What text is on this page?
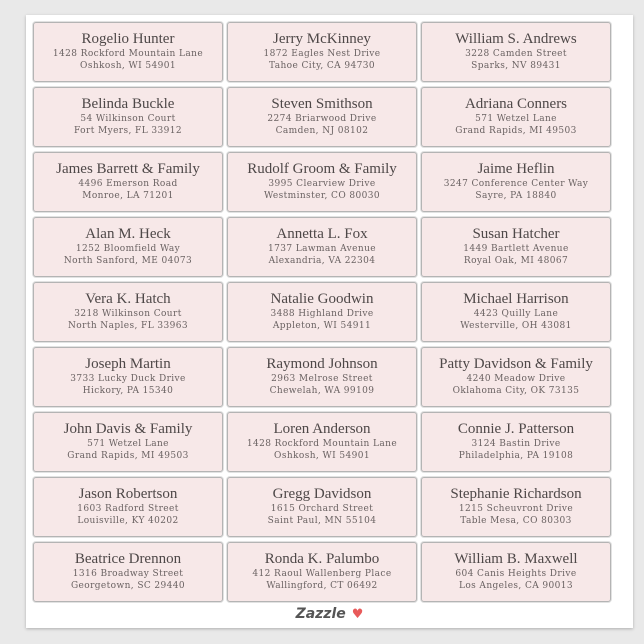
Rogelio Hunter
1428 Rockford Mountain Lane
Oshkosh, WI 54901
Jerry McKinney
1872 Eagles Nest Drive
Tahoe City, CA 94730
William S. Andrews
3228 Camden Street
Sparks, NV 89431
Belinda Buckle
54 Wilkinson Court
Fort Myers, FL 33912
Steven Smithson
2274 Briarwood Drive
Camden, NJ 08102
Adriana Conners
571 Wetzel Lane
Grand Rapids, MI 49503
James Barrett & Family
4496 Emerson Road
Monroe, LA 71201
Rudolf Groom & Family
3995 Clearview Drive
Westminster, CO 80030
Jaime Heflin
3247 Conference Center Way
Sayre, PA 18840
Alan M. Heck
1252 Bloomfield Way
North Sanford, ME 04073
Annetta L. Fox
1737 Lawman Avenue
Alexandria, VA 22304
Susan Hatcher
1449 Bartlett Avenue
Royal Oak, MI 48067
Vera K. Hatch
3218 Wilkinson Court
North Naples, FL 33963
Natalie Goodwin
3488 Highland Drive
Appleton, WI 54911
Michael Harrison
4423 Quilly Lane
Westerville, OH 43081
Joseph Martin
3733 Lucky Duck Drive
Hickory, PA 15340
Raymond Johnson
2963 Melrose Street
Chewelah, WA 99109
Patty Davidson & Family
4240 Meadow Drive
Oklahoma City, OK 73135
John Davis & Family
571 Wetzel Lane
Grand Rapids, MI 49503
Loren Anderson
1428 Rockford Mountain Lane
Oshkosh, WI 54901
Connie J. Patterson
3124 Bastin Drive
Philadelphia, PA 19108
Jason Robertson
1603 Radford Street
Louisville, KY 40202
Gregg Davidson
1615 Orchard Street
Saint Paul, MN 55104
Stephanie Richardson
1215 Scheuvront Drive
Table Mesa, CO 80303
Beatrice Drennon
1316 Broadway Street
Georgetown, SC 29440
Ronda K. Palumbo
412 Raoul Wallenberg Place
Wallingford, CT 06492
William B. Maxwell
604 Canis Heights Drive
Los Angeles, CA 90013
Zazzle ♥
